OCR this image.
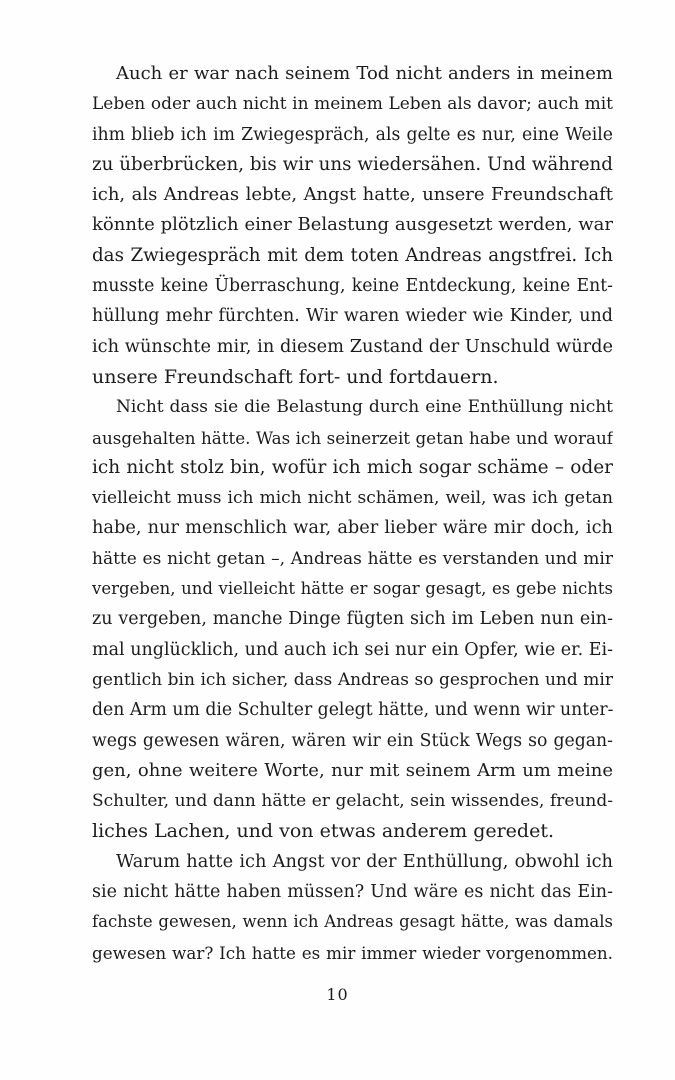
Auch er war nach seinem Tod nicht anders in meinem
Leben oder auch nicht in meinem Leben als davor; auch mit
ihm blieb ich im Zwiegespräch, als gelte es nur, eine Weile
zu überbrücken, bis wir uns wiedersähen. Und während
ich, als Andreas lebte, Angst hatte, unsere Freundschaft
könnte plötzlich einer Belastung ausgesetzt werden, war
das Zwiegespräch mit dem toten Andreas angstfrei. Ich
musste keine Überraschung, keine Entdeckung, keine Ent-
hüllung mehr fürchten. Wir waren wieder wie Kinder, und
ich wünschte mir, in diesem Zustand der Unschuld würde
unsere Freundschaft fort- und fortdauern.
Nicht dass sie die Belastung durch eine Enthüllung nicht
ausgehalten hätte. Was ich seinerzeit getan habe und worauf
ich nicht stolz bin, wofür ich mich sogar schäme – oder
vielleicht muss ich mich nicht schämen, weil, was ich getan
habe, nur menschlich war, aber lieber wäre mir doch, ich
hätte es nicht getan –, Andreas hätte es verstanden und mir
vergeben, und vielleicht hätte er sogar gesagt, es gebe nichts
zu vergeben, manche Dinge fügten sich im Leben nun ein-
mal unglücklich, und auch ich sei nur ein Opfer, wie er. Ei-
gentlich bin ich sicher, dass Andreas so gesprochen und mir
den Arm um die Schulter gelegt hätte, und wenn wir unter-
wegs gewesen wären, wären wir ein Stück Wegs so gegan-
gen, ohne weitere Worte, nur mit seinem Arm um meine
Schulter, und dann hätte er gelacht, sein wissendes, freund-
liches Lachen, und von etwas anderem geredet.
Warum hatte ich Angst vor der Enthüllung, obwohl ich
sie nicht hätte haben müssen? Und wäre es nicht das Ein-
fachste gewesen, wenn ich Andreas gesagt hätte, was damals
gewesen war? Ich hatte es mir immer wieder vorgenommen.
10
